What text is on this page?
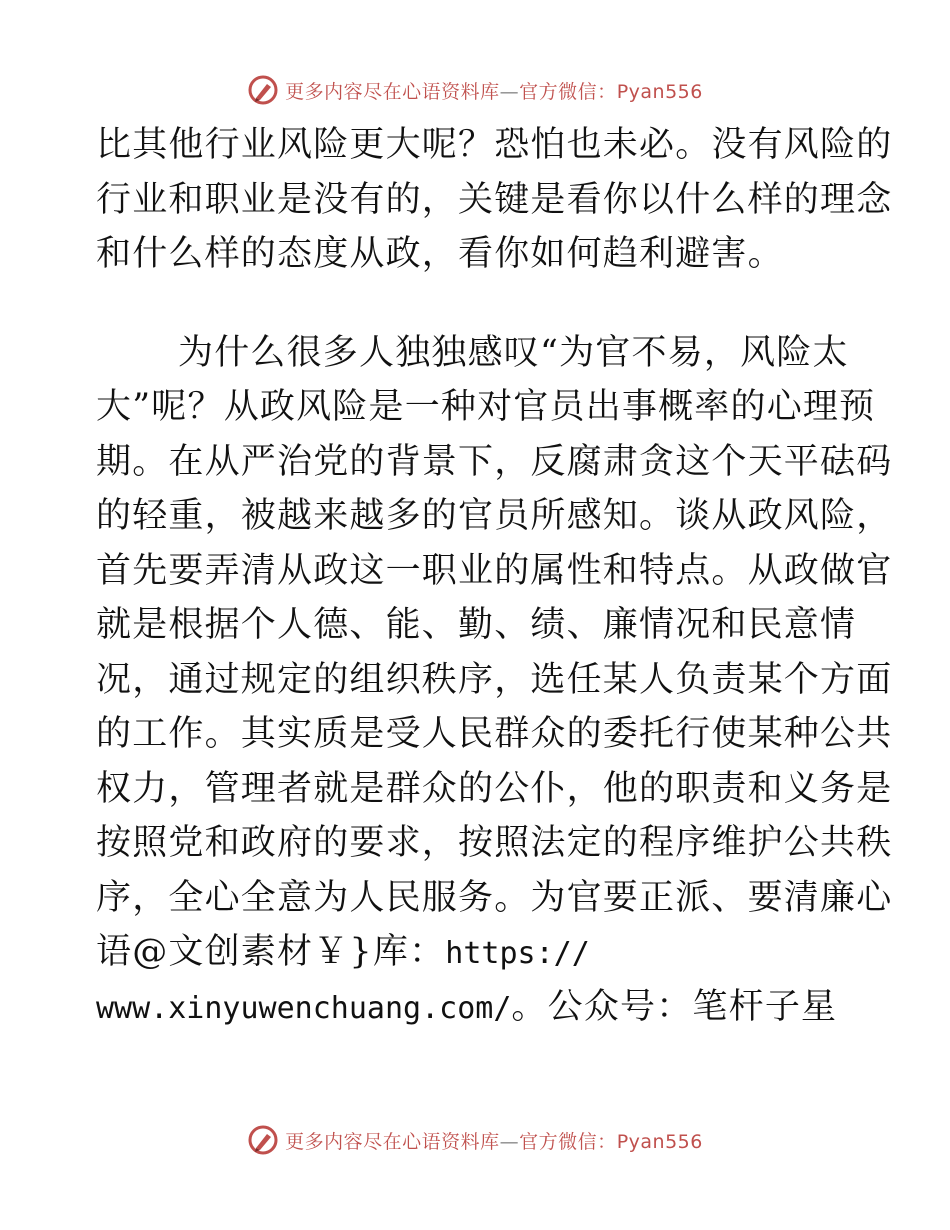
更多内容尽在心语资料库—官方微信：Pyan556
比其他行业风险更大呢？恐怕也未必。没有风险的
行业和职业是没有的，关键是看你以什么样的理念
和什么样的态度从政，看你如何趋利避害。
为什么很多人独独感叹“为官不易，风险太
大”呢？从政风险是一种对官员出事概率的心理预
期。在从严治党的背景下，反腐肃贪这个天平砝码
的轻重，被越来越多的官员所感知。谈从政风险，
首先要弄清从政这一职业的属性和特点。从政做官
就是根据个人德、能、勤、绩、廉情况和民意情
况，通过规定的组织秩序，选任某人负责某个方面
的工作。其实质是受人民群众的委托行使某种公共
权力，管理者就是群众的公仆，他的职责和义务是
按照党和政府的要求，按照法定的程序维护公共秩
序，全心全意为人民服务。为官要正派、要清廉心
语@文创素材￥}库：https://
www.xinyuwenchuang.com/。公众号：笔杆子星
更多内容尽在心语资料库—官方微信：Pyan556
